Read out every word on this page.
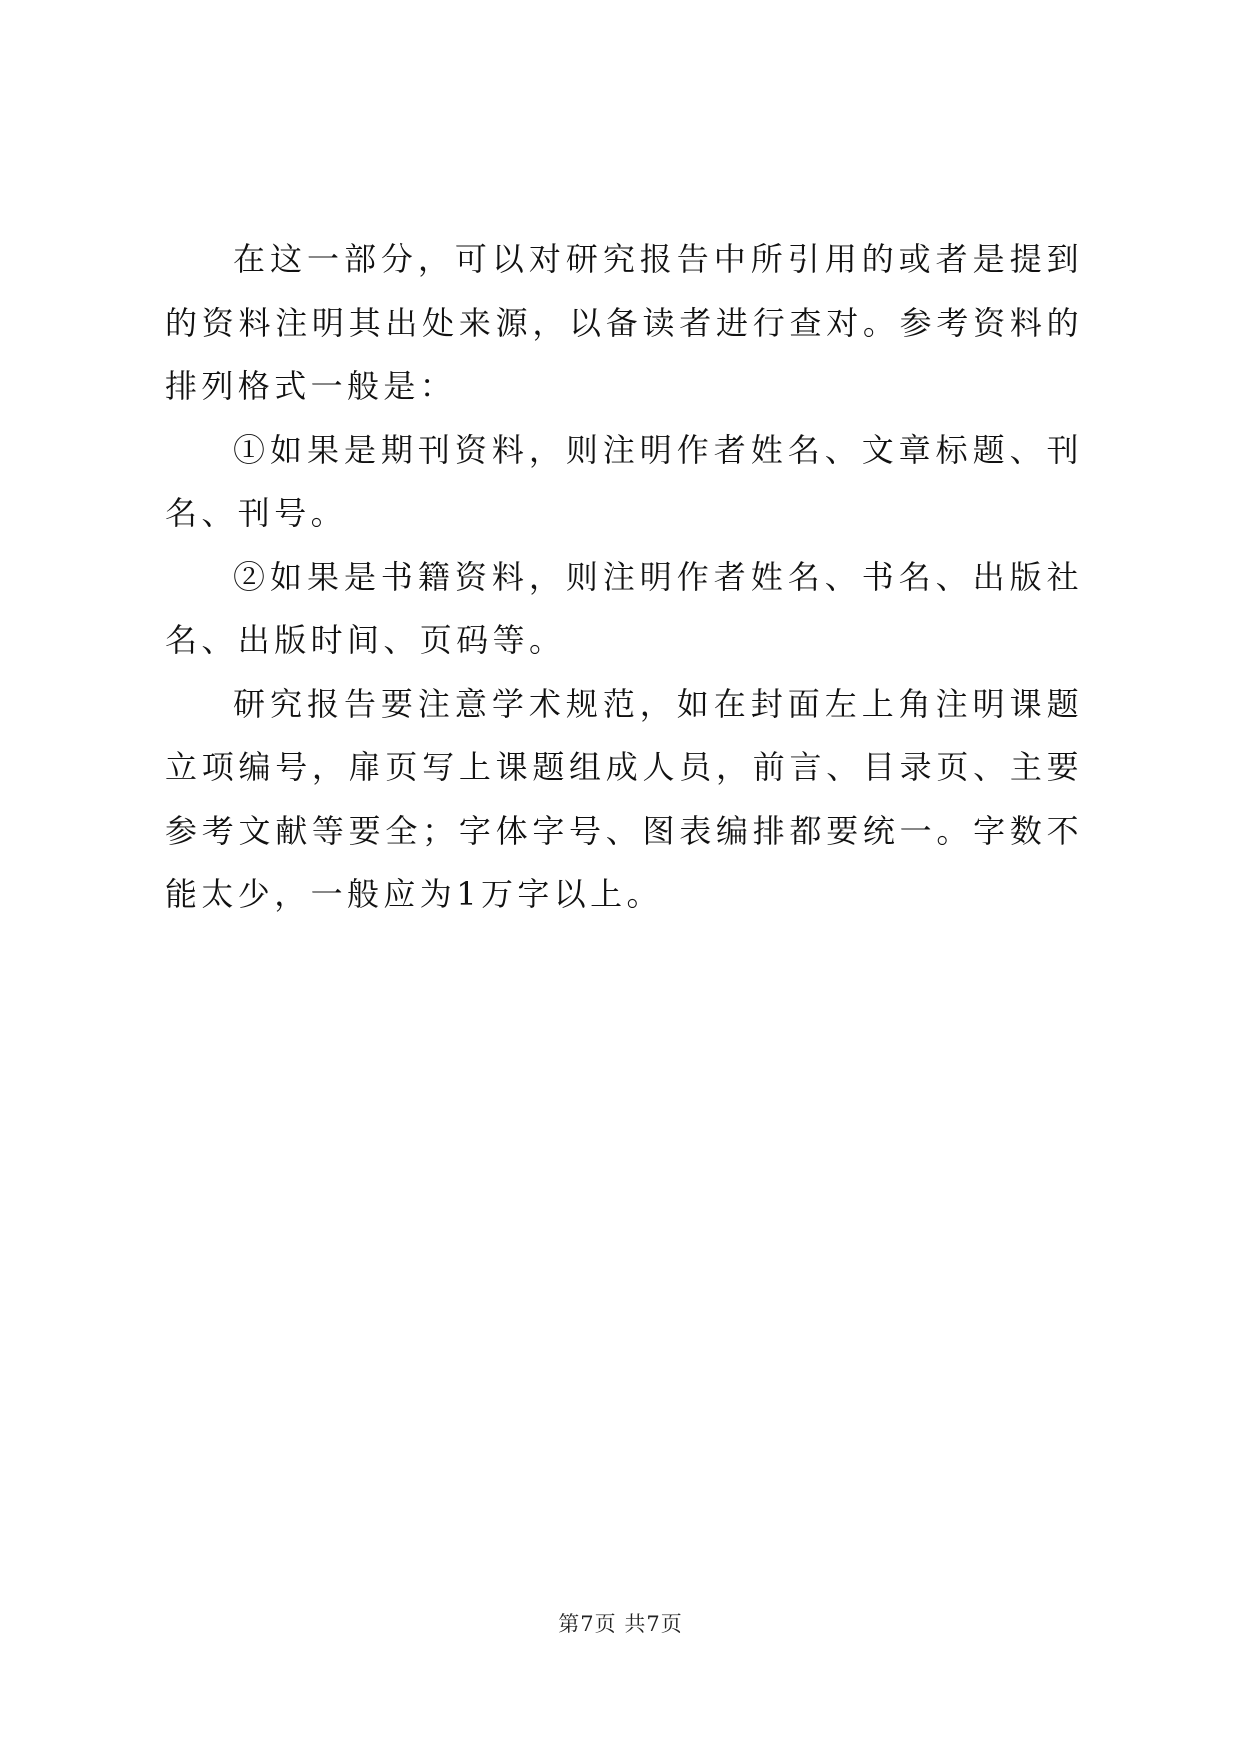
在这一部分，可以对研究报告中所引用的或者是提到的资料注明其出处来源，以备读者进行查对。参考资料的排列格式一般是：

①如果是期刊资料，则注明作者姓名、文章标题、刊名、刊号。

②如果是书籍资料，则注明作者姓名、书名、出版社名、出版时间、页码等。

研究报告要注意学术规范，如在封面左上角注明课题立项编号，扉页写上课题组成人员，前言、目录页、主要参考文献等要全；字体字号、图表编排都要统一。字数不能太少，一般应为1万字以上。

第7页 共7页
